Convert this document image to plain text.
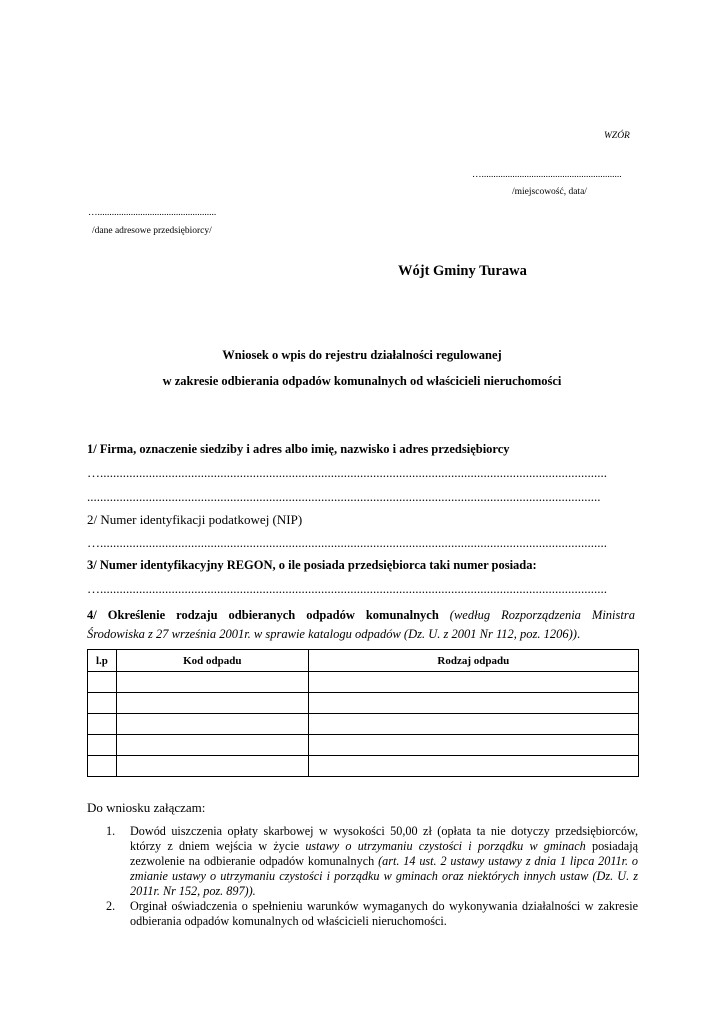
WZÓR
…...........................................................
/miejscowość, data/
…..................................................
/dane adresowe przedsiębiorcy/
Wójt Gminy Turawa
Wniosek o wpis do rejestru działalności regulowanej
w zakresie odbierania odpadów komunalnych od właścicieli nieruchomości
1/ Firma, oznaczenie siedziby i adres albo imię, nazwisko i adres przedsiębiorcy
…............................................................................................................................................................
..............................................................................................................................................................
2/ Numer identyfikacji podatkowej (NIP)
…............................................................................................................................................................
3/ Numer identyfikacyjny REGON, o ile posiada przedsiębiorca taki numer posiada:
…............................................................................................................................................................
4/ Określenie rodzaju odbieranych odpadów komunalnych (według Rozporządzenia Ministra
Środowiska z 27 września 2001r. w sprawie katalogu odpadów (Dz. U. z 2001 Nr 112, poz. 1206)).
l.p	Kod odpadu	Rodzaj odpadu

Do wniosku załączam:
1. Dowód uiszczenia opłaty skarbowej w wysokości 50,00 zł (opłata ta nie dotyczy przedsiębiorców, którzy z dniem wejścia w życie ustawy o utrzymaniu czystości i porządku w gminach posiadają zezwolenie na odbieranie odpadów komunalnych (art. 14 ust. 2 ustawy ustawy z dnia 1 lipca 2011r. o zmianie ustawy o utrzymaniu czystości i porządku w gminach oraz niektórych innych ustaw (Dz. U. z 2011r. Nr 152, poz. 897)).
2. Orginał oświadczenia o spełnieniu warunków wymaganych do wykonywania działalności w zakresie odbierania odpadów komunalnych od właścicieli nieruchomości.
